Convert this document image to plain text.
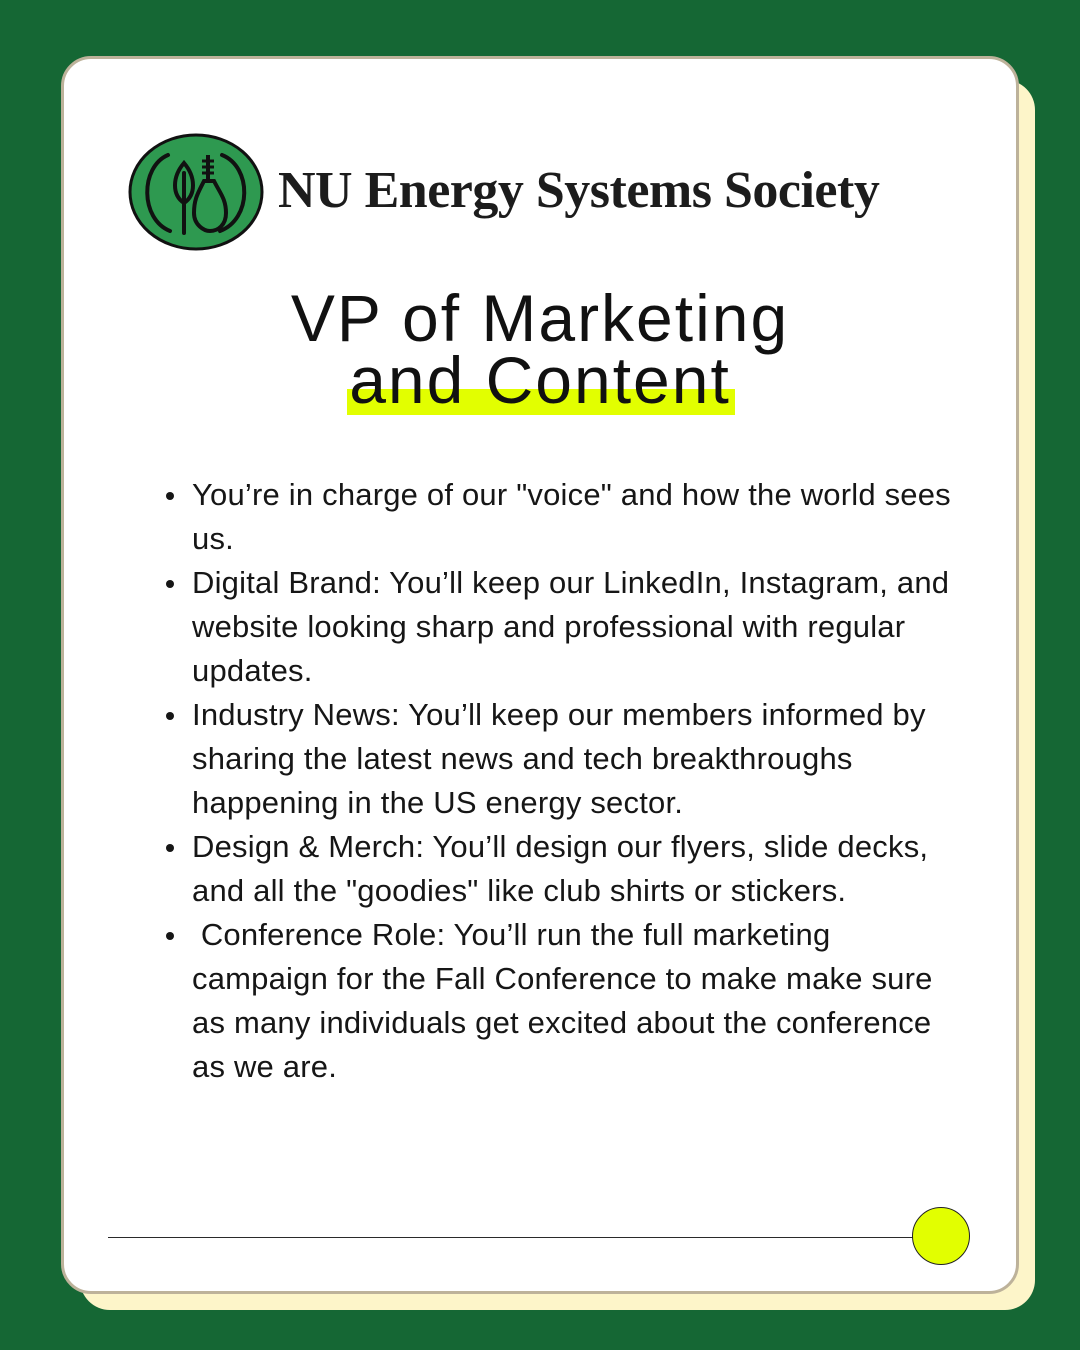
NU Energy Systems Society
VP of Marketing

and Content
You’re in charge of our "voice" and how the world sees us.
Digital Brand: You’ll keep our LinkedIn, Instagram, and website looking sharp and professional with regular updates.
Industry News: You’ll keep our members informed by sharing the latest news and tech breakthroughs happening in the US energy sector.
Design & Merch: You’ll design our flyers, slide decks, and all the "goodies" like club shirts or stickers.
Conference Role: You’ll run the full marketing campaign for the Fall Conference to make make sure as many individuals get excited about the conference as we are.
